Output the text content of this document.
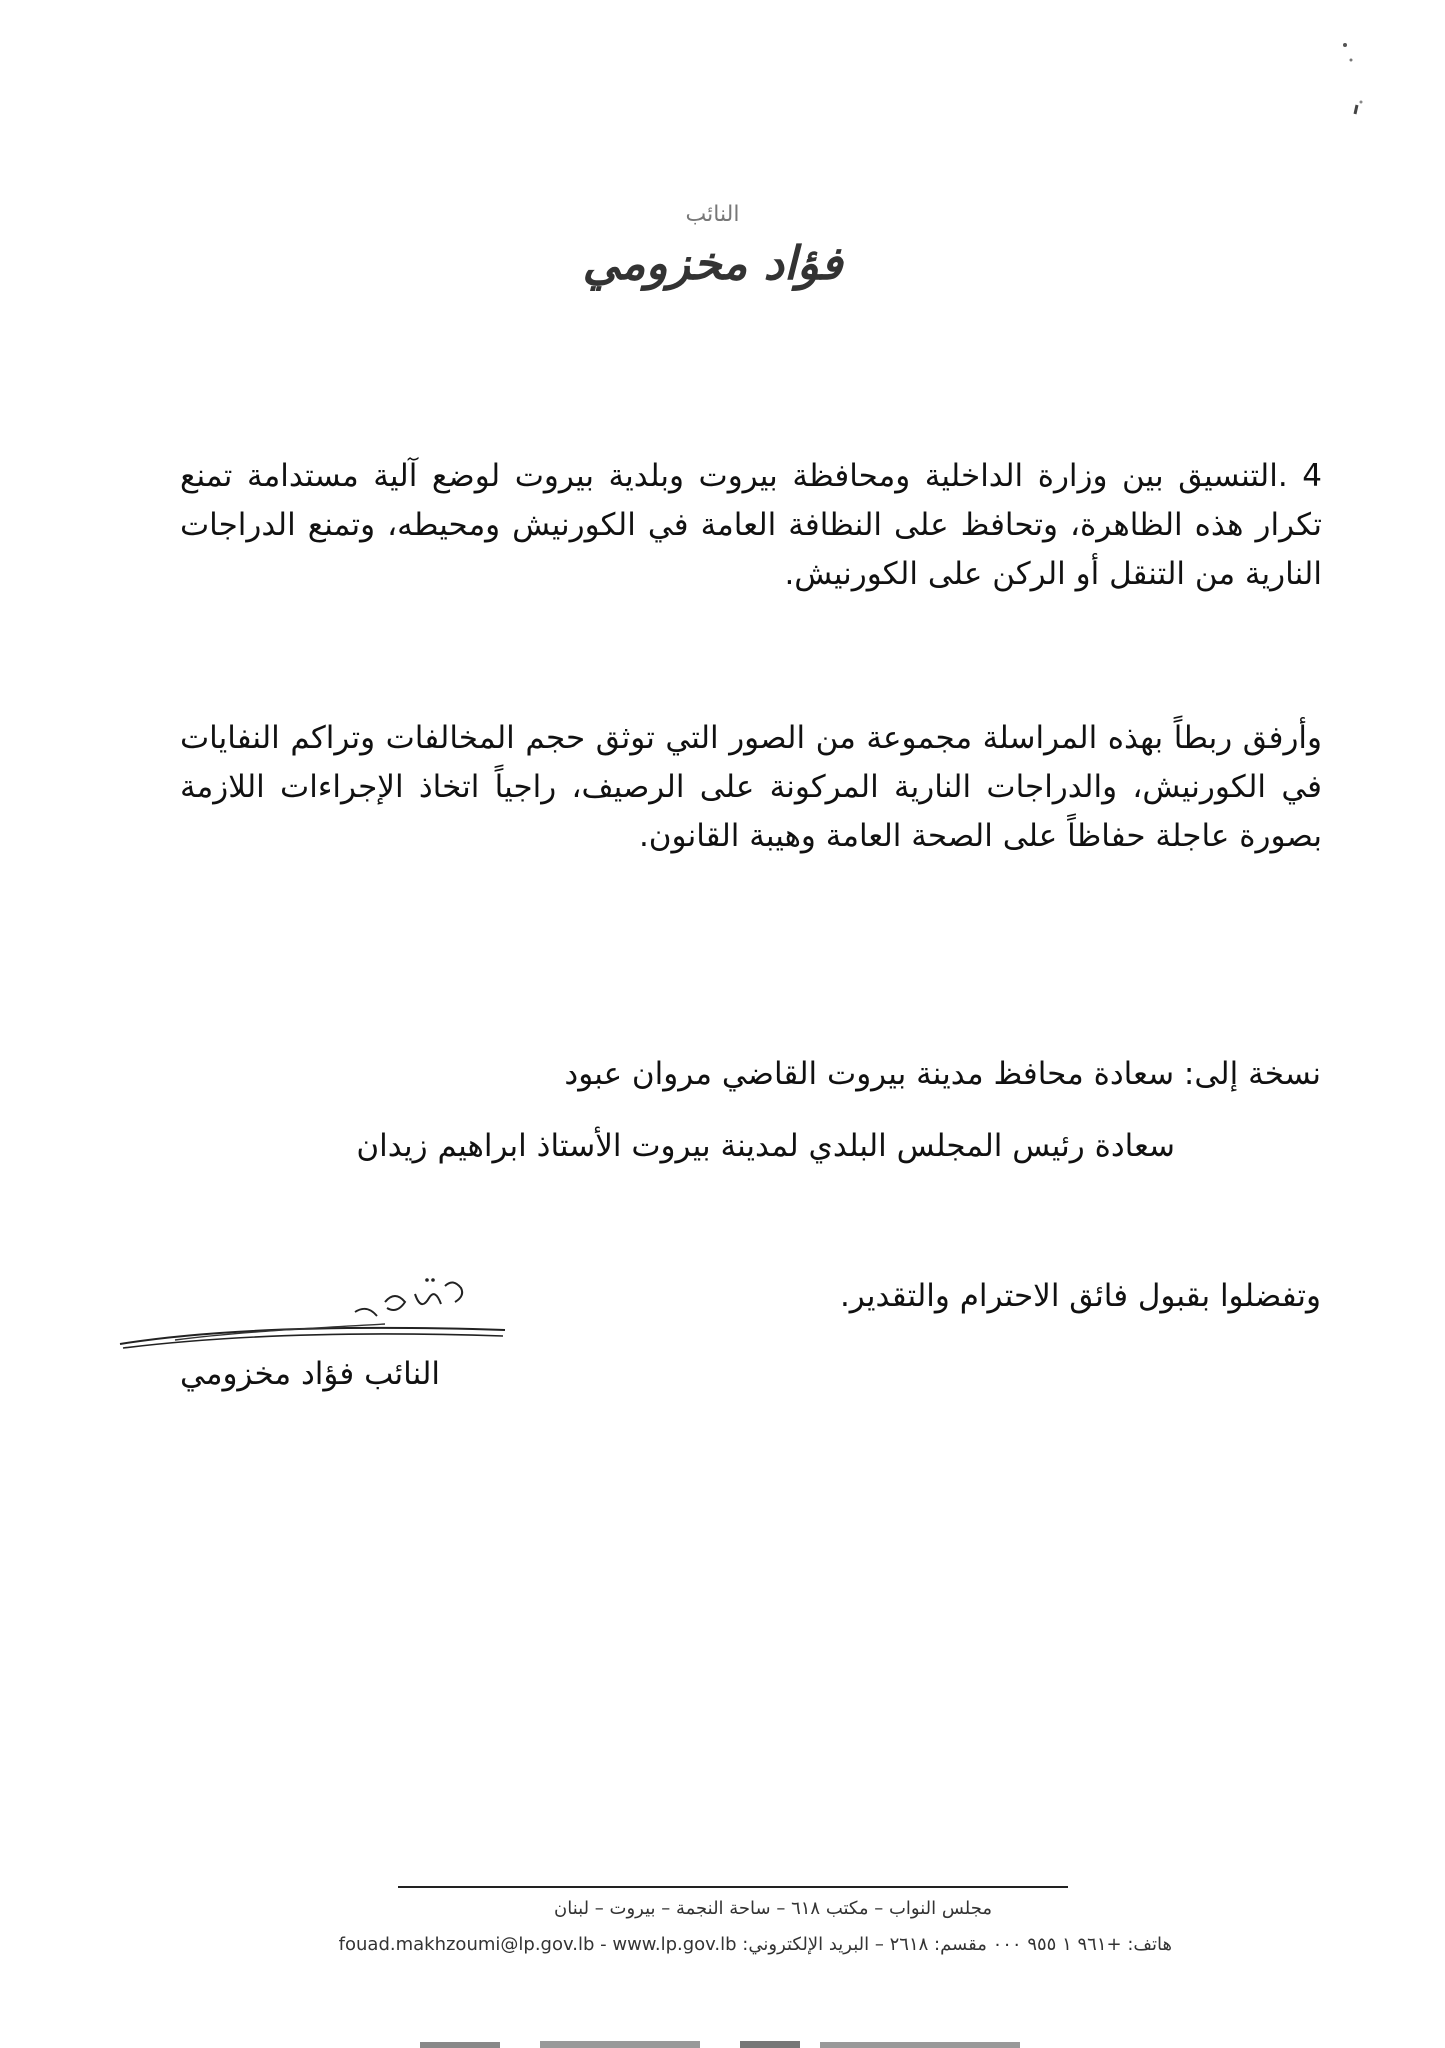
النائب
فؤاد مخزومي
4 .التنسيق بين وزارة الداخلية ومحافظة بيروت وبلدية بيروت لوضع آلية مستدامة تمنع تكرار هذه الظاهرة، وتحافظ على النظافة العامة في الكورنيش ومحيطه، وتمنع الدراجات النارية من التنقل أو الركن على الكورنيش.
وأرفق ربطاً بهذه المراسلة مجموعة من الصور التي توثق حجم المخالفات وتراكم النفايات في الكورنيش، والدراجات النارية المركونة على الرصيف، راجياً اتخاذ الإجراءات اللازمة بصورة عاجلة حفاظاً على الصحة العامة وهيبة القانون.
نسخة إلى: سعادة محافظ مدينة بيروت القاضي مروان عبود
سعادة رئيس المجلس البلدي لمدينة بيروت الأستاذ ابراهيم زيدان
وتفضلوا بقبول فائق الاحترام والتقدير.
النائب فؤاد مخزومي
مجلس النواب – مكتب ٦١٨ – ساحة النجمة – بيروت – لبنان
هاتف: +٩٦١ ١ ٩٥٥ ٠٠٠ مقسم: ٢٦١٨ – البريد الإلكتروني: fouad.makhzoumi@lp.gov.lb - www.lp.gov.lb
